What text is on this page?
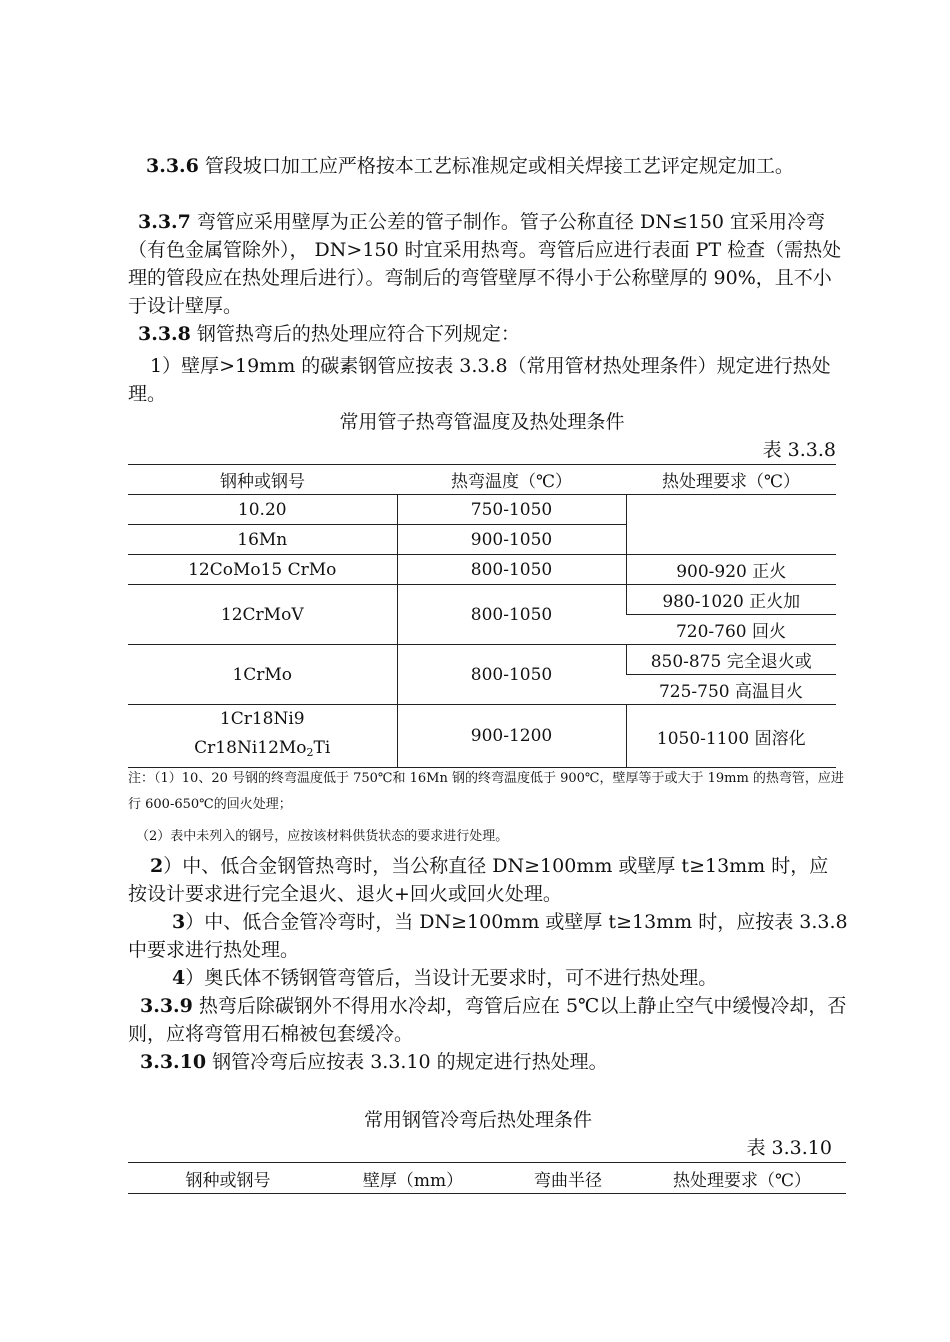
3.3.6 管段坡口加工应严格按本工艺标准规定或相关焊接工艺评定规定加工。

3.3.7 弯管应采用壁厚为正公差的管子制作。管子公称直径 DN≤150 宜采用冷弯（有色金属管除外）， DN>150 时宜采用热弯。弯管后应进行表面 PT 检查（需热处理的管段应在热处理后进行）。弯制后的弯管壁厚不得小于公称壁厚的 90%，且不小于设计壁厚。

3.3.8 钢管热弯后的热处理应符合下列规定：

1）壁厚>19mm 的碳素钢管应按表 3.3.8（常用管材热处理条件）规定进行热处理。

常用管子热弯管温度及热处理条件
表 3.3.8
钢种或钢号	热弯温度（℃）	热处理要求（℃）
10.20	750-1050	
16Mn	900-1050	
12CoMo15 CrMo	800-1050	900-920 正火
12CrMoV	800-1050	980-1020 正火加
		720-760 回火
1CrMo	800-1050	850-875 完全退火或
		725-750 高温目火

1Cr18Ni9
$Cr18Ni12Mo_2Ti$	900-1200	1050-1100 固溶化
注：（1）10、20 号钢的终弯温度低于 750℃和 16Mn 钢的终弯温度低于 900℃，壁厚等于或大于 19mm 的热弯管，应进行 600-650℃的回火处理；
（2）表中未列入的钢号，应按该材料供货状态的要求进行处理。

2）中、低合金钢管热弯时，当公称直径 DN≥100mm 或壁厚 t≥13mm 时，应按设计要求进行完全退火、退火+回火或回火处理。

3）中、低合金管冷弯时，当 DN≥100mm 或壁厚 t≥13mm 时，应按表 3.3.8 中要求进行热处理。

4）奥氏体不锈钢管弯管后，当设计无要求时，可不进行热处理。

3.3.9 热弯后除碳钢外不得用水冷却，弯管后应在 5℃以上静止空气中缓慢冷却，否则，应将弯管用石棉被包套缓冷。

3.3.10 钢管冷弯后应按表 3.3.10 的规定进行热处理。

常用钢管冷弯后热处理条件
表 3.3.10
钢种或钢号	壁厚（mm）	弯曲半径	热处理要求（℃）
